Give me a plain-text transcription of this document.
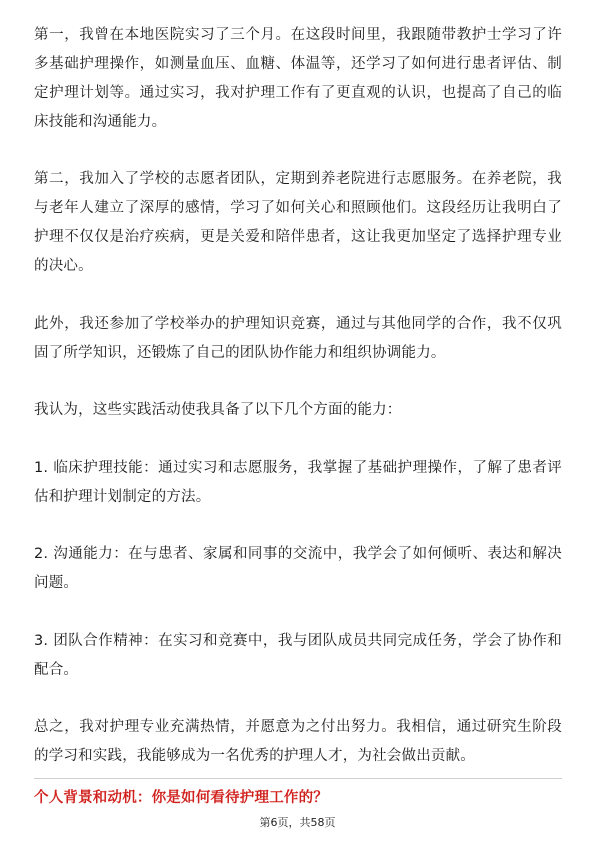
第一，我曾在本地医院实习了三个月。在这段时间里，我跟随带教护士学习了许多基础护理操作，如测量血压、血糖、体温等，还学习了如何进行患者评估、制定护理计划等。通过实习，我对护理工作有了更直观的认识，也提高了自己的临床技能和沟通能力。

第二，我加入了学校的志愿者团队，定期到养老院进行志愿服务。在养老院，我与老年人建立了深厚的感情，学习了如何关心和照顾他们。这段经历让我明白了护理不仅仅是治疗疾病，更是关爱和陪伴患者，这让我更加坚定了选择护理专业的决心。

此外，我还参加了学校举办的护理知识竞赛，通过与其他同学的合作，我不仅巩固了所学知识，还锻炼了自己的团队协作能力和组织协调能力。

我认为，这些实践活动使我具备了以下几个方面的能力：

1. 临床护理技能：通过实习和志愿服务，我掌握了基础护理操作，了解了患者评估和护理计划制定的方法。

2. 沟通能力：在与患者、家属和同事的交流中，我学会了如何倾听、表达和解决问题。

3. 团队合作精神：在实习和竞赛中，我与团队成员共同完成任务，学会了协作和配合。

总之，我对护理专业充满热情，并愿意为之付出努力。我相信，通过研究生阶段的学习和实践，我能够成为一名优秀的护理人才，为社会做出贡献。

个人背景和动机：你是如何看待护理工作的？

第6页，共58页
